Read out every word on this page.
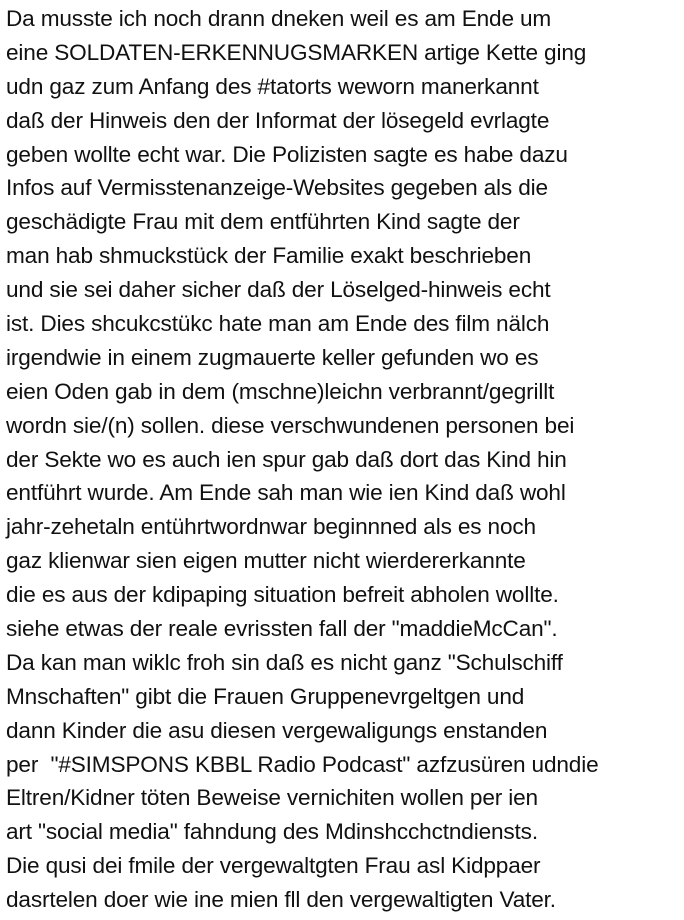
Da musste ich noch drann dneken weil es am Ende um
eine SOLDATEN-ERKENNUGSMARKEN artige Kette ging
udn gaz zum Anfang des #tatorts weworn manerkannt
daß der Hinweis den der Informat der lösegeld evrlagte
geben wollte echt war. Die Polizisten sagte es habe dazu
Infos auf Vermisstenanzeige-Websites gegeben als die
geschädigte Frau mit dem entführten Kind sagte der
man hab shmuckstück der Familie exakt beschrieben
und sie sei daher sicher daß der Löselged-hinweis echt
ist. Dies shcukcstükc hate man am Ende des film nälch
irgendwie in einem zugmauerte keller gefunden wo es
eien Oden gab in dem (mschne)leichn verbrannt/gegrillt
wordn sie/(n) sollen. diese verschwundenen personen bei
der Sekte wo es auch ien spur gab daß dort das Kind hin
entführt wurde. Am Ende sah man wie ien Kind daß wohl
jahr-zehetaln entührtwordnwar beginnned als es noch
gaz klienwar sien eigen mutter nicht wierdererkannte
die es aus der kdipaping situation befreit abholen wollte.
siehe etwas der reale evrissten fall der "maddieMcCan".
Da kan man wiklc froh sin daß es nicht ganz "Schulschiff
Mnschaften" gibt die Frauen Gruppenevrgeltgen und
dann Kinder die asu diesen vergewaligungs enstanden
per  "#SIMSPONS KBBL Radio Podcast" azfzusüren udndie
Eltren/Kidner töten Beweise vernichiten wollen per ien
art "social media" fahndung des Mdinshcchctndiensts.
Die qusi dei fmile der vergewaltgten Frau asl Kidppaer
dasrtelen doer wie ine mien fll den vergewaltigten Vater.
